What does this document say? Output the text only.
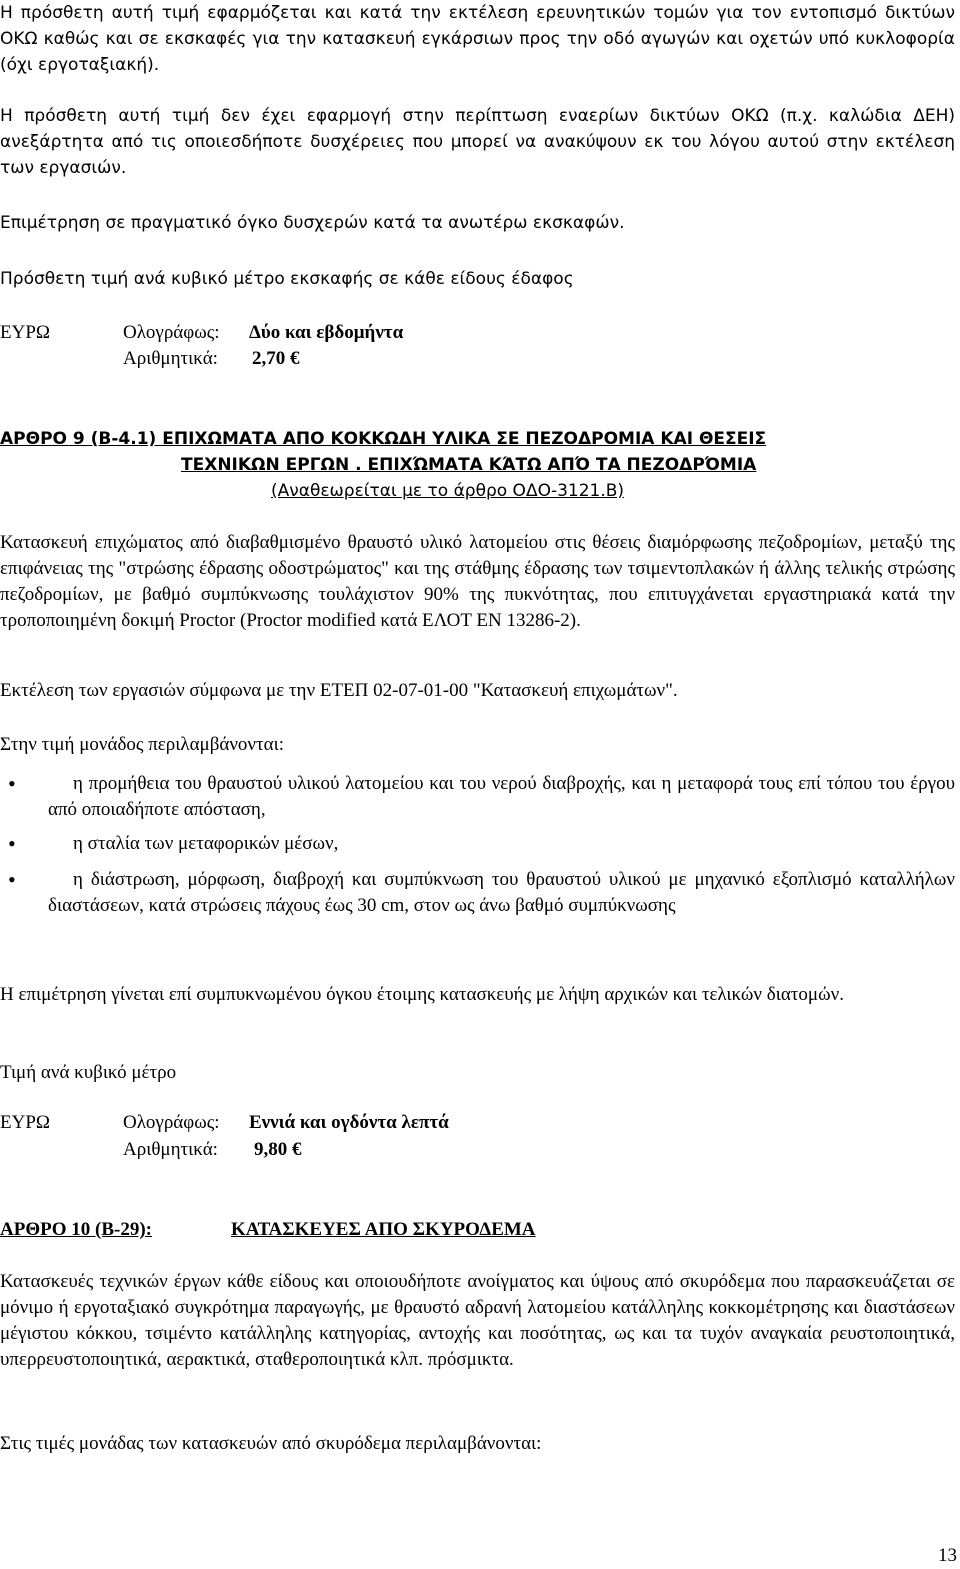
Η πρόσθετη αυτή τιμή εφαρμόζεται και κατά την εκτέλεση ερευνητικών τομών για τον εντοπισμό δικτύων ΟΚΩ καθώς και σε εκσκαφές για την κατασκευή εγκάρσιων προς την οδό αγωγών και οχετών υπό κυκλοφορία (όχι εργοταξιακή).

Η πρόσθετη αυτή τιμή δεν έχει εφαρμογή στην περίπτωση εναερίων δικτύων ΟΚΩ (π.χ. καλώδια ΔΕΗ) ανεξάρτητα από τις οποιεσδήποτε δυσχέρειες που μπορεί να ανακύψουν εκ του λόγου αυτού στην εκτέλεση των εργασιών.

Επιμέτρηση σε πραγματικό όγκο δυσχερών κατά τα ανωτέρω εκσκαφών.

Πρόσθετη τιμή ανά κυβικό μέτρο εκσκαφής σε κάθε είδους έδαφος

ΕΥΡΩ	Ολογράφως: Δύο και εβδομήντα
Αριθμητικά: 2,70 €
ΑΡΘΡΟ 9 (Β-4.1) ΕΠΙΧΩΜΑΤΑ ΑΠΟ ΚΟΚΚΩΔΗ ΥΛΙΚΑ ΣΕ ΠΕΖΟΔΡΟΜΙΑ ΚΑΙ ΘΕΣΕΙΣ
ΤΕΧΝΙΚΩΝ ΕΡΓΩΝ . ΕΠΙΧΏΜΑΤΑ ΚΆΤΩ ΑΠΌ ΤΑ ΠΕΖΟΔΡΌΜΙΑ
(Αναθεωρείται με το άρθρο ΟΔΟ-3121.Β)

Κατασκευή επιχώματος από διαβαθμισμένο θραυστό υλικό λατομείου στις θέσεις διαμόρφωσης πεζοδρομίων, μεταξύ της επιφάνειας της "στρώσης έδρασης οδοστρώματος" και της στάθμης έδρασης των τσιμεντοπλακών ή άλλης τελικής στρώσης πεζοδρομίων, με βαθμό συμπύκνωσης τουλάχιστον 90% της πυκνότητας, που επιτυγχάνεται εργαστηριακά κατά την τροποποιημένη δοκιμή Proctor (Proctor modified κατά ΕΛΟΤ ΕΝ 13286-2).

Εκτέλεση των εργασιών σύμφωνα με την ΕΤΕΠ 02-07-01-00 "Κατασκευή επιχωμάτων".

Στην τιμή μονάδος περιλαμβάνονται:

•	η προμήθεια του θραυστού υλικού λατομείου και του νερού διαβροχής, και η μεταφορά τους επί τόπου του έργου από οποιαδήποτε απόσταση,

•	η σταλία των μεταφορικών μέσων,

•	η διάστρωση, μόρφωση, διαβροχή και συμπύκνωση του θραυστού υλικού με μηχανικό εξοπλισμό καταλλήλων διαστάσεων, κατά στρώσεις πάχους έως 30 cm, στον ως άνω βαθμό συμπύκνωσης

Η επιμέτρηση γίνεται επί συμπυκνωμένου όγκου έτοιμης κατασκευής με λήψη αρχικών και τελικών διατομών.

Τιμή ανά κυβικό μέτρο

ΕΥΡΩ	Ολογράφως: Εννιά και ογδόντα λεπτά
Αριθμητικά: 9,80 €
ΑΡΘΡΟ 10 (Β-29):	ΚΑΤΑΣΚΕΥΕΣ ΑΠΟ ΣΚΥΡΟΔΕΜΑ

Κατασκευές τεχνικών έργων κάθε είδους και οποιουδήποτε ανοίγματος και ύψους από σκυρόδεμα που παρασκευάζεται σε μόνιμο ή εργοταξιακό συγκρότημα παραγωγής, με θραυστό αδρανή λατομείου κατάλληλης κοκκομέτρησης και διαστάσεων μέγιστου κόκκου, τσιμέντο κατάλληλης κατηγορίας, αντοχής και ποσότητας, ως και τα τυχόν αναγκαία ρευστοποιητικά, υπερρευστοποιητικά, αερακτικά, σταθεροποιητικά κλπ. πρόσμικτα.

Στις τιμές μονάδας των κατασκευών από σκυρόδεμα περιλαμβάνονται:

13
